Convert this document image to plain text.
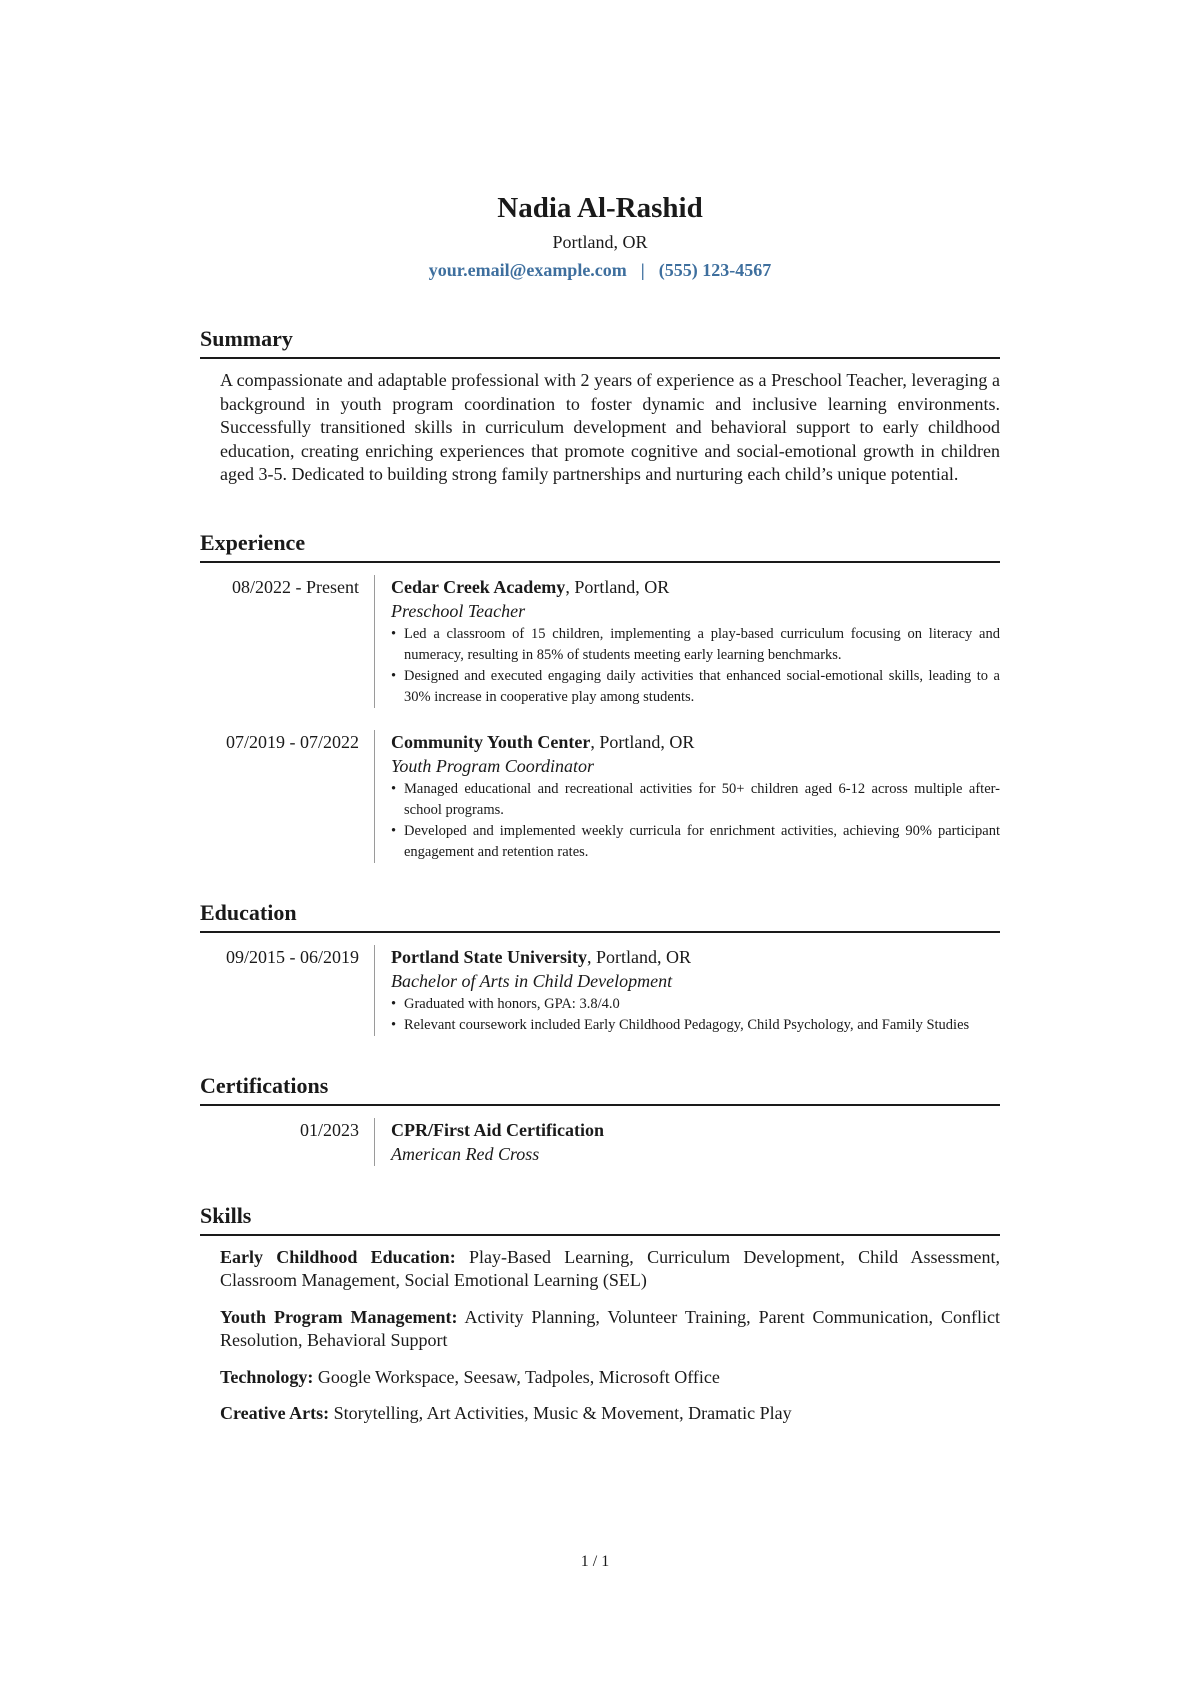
Nadia Al-Rashid
Portland, OR
your.email@example.com | (555) 123-4567
Summary
A compassionate and adaptable professional with 2 years of experience as a Preschool Teacher, leveraging a background in youth program coordination to foster dynamic and inclusive learning environments. Successfully transitioned skills in curriculum development and behavioral support to early childhood education, creating enriching experiences that promote cognitive and social-emotional growth in children aged 3-5. Dedicated to building strong family partnerships and nurturing each child’s unique potential.
Experience
08/2022 - Present	Cedar Creek Academy, Portland, OR
Preschool Teacher
• Led a classroom of 15 children, implementing a play-based curriculum focusing on literacy and numeracy, resulting in 85% of students meeting early learning benchmarks.
• Designed and executed engaging daily activities that enhanced social-emotional skills, leading to a 30% increase in cooperative play among students.
07/2019 - 07/2022	Community Youth Center, Portland, OR
Youth Program Coordinator
• Managed educational and recreational activities for 50+ children aged 6-12 across multiple after-school programs.
• Developed and implemented weekly curricula for enrichment activities, achieving 90% participant engagement and retention rates.
Education
09/2015 - 06/2019	Portland State University, Portland, OR
Bachelor of Arts in Child Development
• Graduated with honors, GPA: 3.8/4.0
• Relevant coursework included Early Childhood Pedagogy, Child Psychology, and Family Studies
Certifications
01/2023	CPR/First Aid Certification
American Red Cross
Skills
Early Childhood Education: Play-Based Learning, Curriculum Development, Child Assessment, Classroom Management, Social Emotional Learning (SEL)
Youth Program Management: Activity Planning, Volunteer Training, Parent Communication, Conflict Resolution, Behavioral Support
Technology: Google Workspace, Seesaw, Tadpoles, Microsoft Office
Creative Arts: Storytelling, Art Activities, Music & Movement, Dramatic Play
1 / 1
